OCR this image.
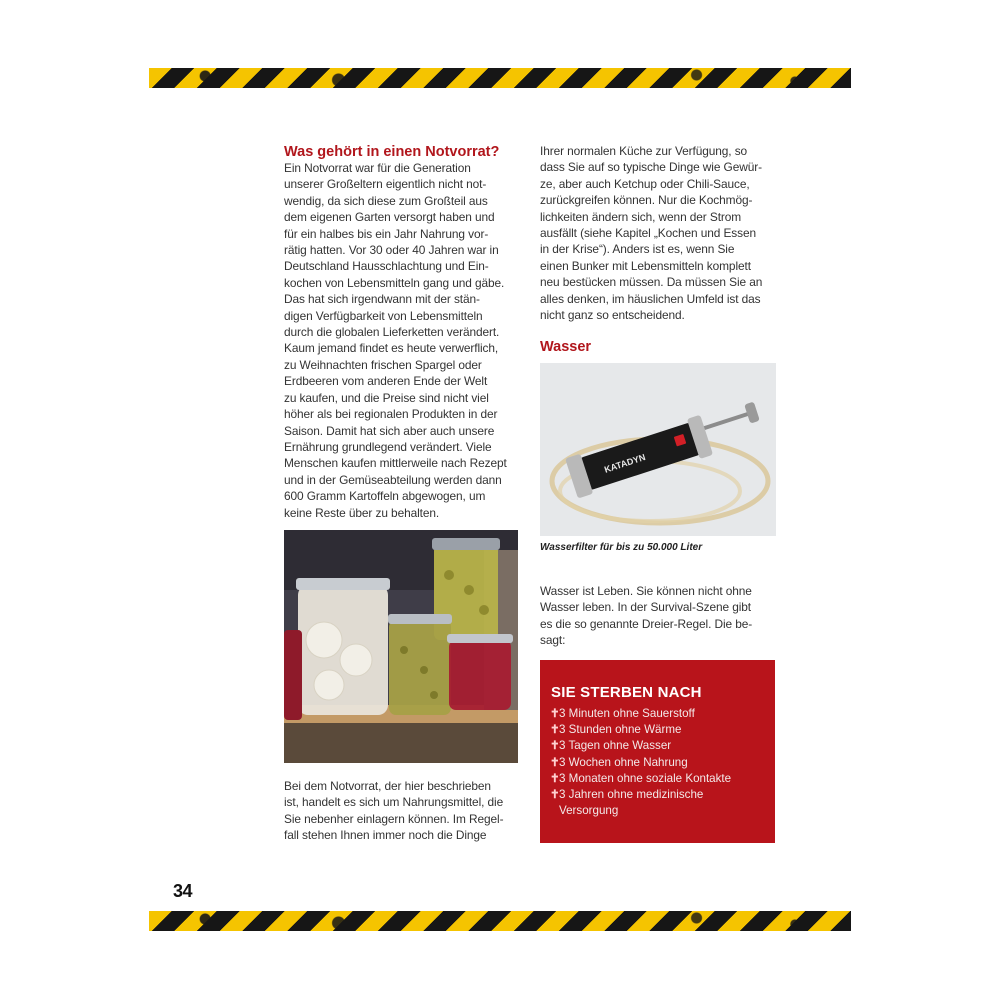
Was gehört in einen Notvorrat?
Ein Notvorrat war für die Generation
unserer Großeltern eigentlich nicht not-
wendig, da sich diese zum Großteil aus
dem eigenen Garten versorgt haben und
für ein halbes bis ein Jahr Nahrung vor-
rätig hatten. Vor 30 oder 40 Jahren war in
Deutschland Hausschlachtung und Ein-
kochen von Lebensmitteln gang und gäbe.
Das hat sich irgendwann mit der stän-
digen Verfügbarkeit von Lebensmitteln
durch die globalen Lieferketten verändert.
Kaum jemand findet es heute verwerflich,
zu Weihnachten frischen Spargel oder
Erdbeeren vom anderen Ende der Welt
zu kaufen, und die Preise sind nicht viel
höher als bei regionalen Produkten in der
Saison. Damit hat sich aber auch unsere
Ernährung grundlegend verändert. Viele
Menschen kaufen mittlerweile nach Rezept
und in der Gemüseabteilung werden dann
600 Gramm Kartoffeln abgewogen, um
keine Reste über zu behalten.
Bei dem Notvorrat, der hier beschrieben
ist, handelt es sich um Nahrungsmittel, die
Sie nebenher einlagern können. Im Regel-
fall stehen Ihnen immer noch die Dinge
Ihrer normalen Küche zur Verfügung, so
dass Sie auf so typische Dinge wie Gewür-
ze, aber auch Ketchup oder Chili-Sauce,
zurückgreifen können. Nur die Kochmög-
lichkeiten ändern sich, wenn der Strom
ausfällt (siehe Kapitel „Kochen und Essen
in der Krise“). Anders ist es, wenn Sie
einen Bunker mit Lebensmitteln komplett
neu bestücken müssen. Da müssen Sie an
alles denken, im häuslichen Umfeld ist das
nicht ganz so entscheidend.
Wasser
KATADYN
Wasserfilter für bis zu 50.000 Liter
Wasser ist Leben. Sie können nicht ohne
Wasser leben. In der Survival-Szene gibt
es die so genannte Dreier-Regel. Die be-
sagt:
SIE STERBEN NACH
✝ 3 Minuten ohne Sauerstoff
✝ 3 Stunden ohne Wärme
✝ 3 Tagen ohne Wasser
✝ 3 Wochen ohne Nahrung
✝ 3 Monaten ohne soziale Kontakte
✝ 3 Jahren ohne medizinische
Versorgung
34
